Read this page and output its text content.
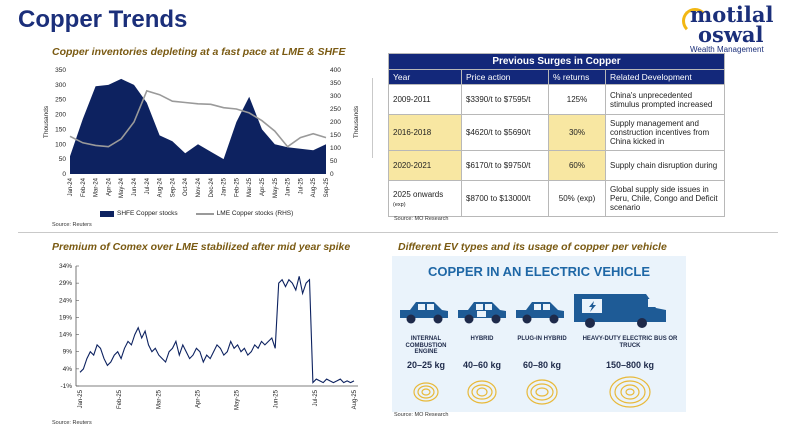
Copper Trends	motilal
oswal
Wealth Management
Copper inventories depleting at a fast pace at LME & SHFE
0
50
100
150
200
250
300
350
0
50
100
150
200
250
300
350
400
Thousands	Thousands
Jan-24 Feb-24 Mar-24 Apr-24 May-24 Jun-24 Jul-24 Aug-24 Sep-24 Oct-24 Nov-24 Dec-24 Jan-25 Feb-25 Mar-25 Apr-25 May-25 Jun-25 Jul-25 Aug-25 Sep-25
SHFE Copper stocks	LME Copper stocks (RHS)
Source: Reuters
Previous Surges in Copper			
Year	Price action	% returns	Related Development
2009-2011	$3390/t to $7595/t	125%	China's unprecedented stimulus prompted increased
2016-2018	$4620/t to $5690/t	30%	Supply management and construction incentives from China kicked in
2020-2021	$6170/t to $9750/t	60%	Supply chain disruption during
2025 onwards (exp)	$8700 to $13000/t	50% (exp)	Global supply side issues in Peru, Chile, Congo and Deficit scenario
Source: MO Research
Premium of Comex over LME stabilized after mid year spike
-1%
4%
9%
14%
19%
24%
29%
34%
Jan-25	Feb-25	Mar-25	Apr-25	May-25	Jun-25	Jul-25	Aug-25
Source: Reuters
Different EV types and its usage of copper per vehicle
COPPER IN AN ELECTRIC VEHICLE
INTERNAL COMBUSTION ENGINE
HYBRID	PLUG-IN HYBRID	HEAVY-DUTY ELECTRIC BUS OR TRUCK
20–25 kg	40–60 kg	60–80 kg	150–800 kg
Source: MO Research
